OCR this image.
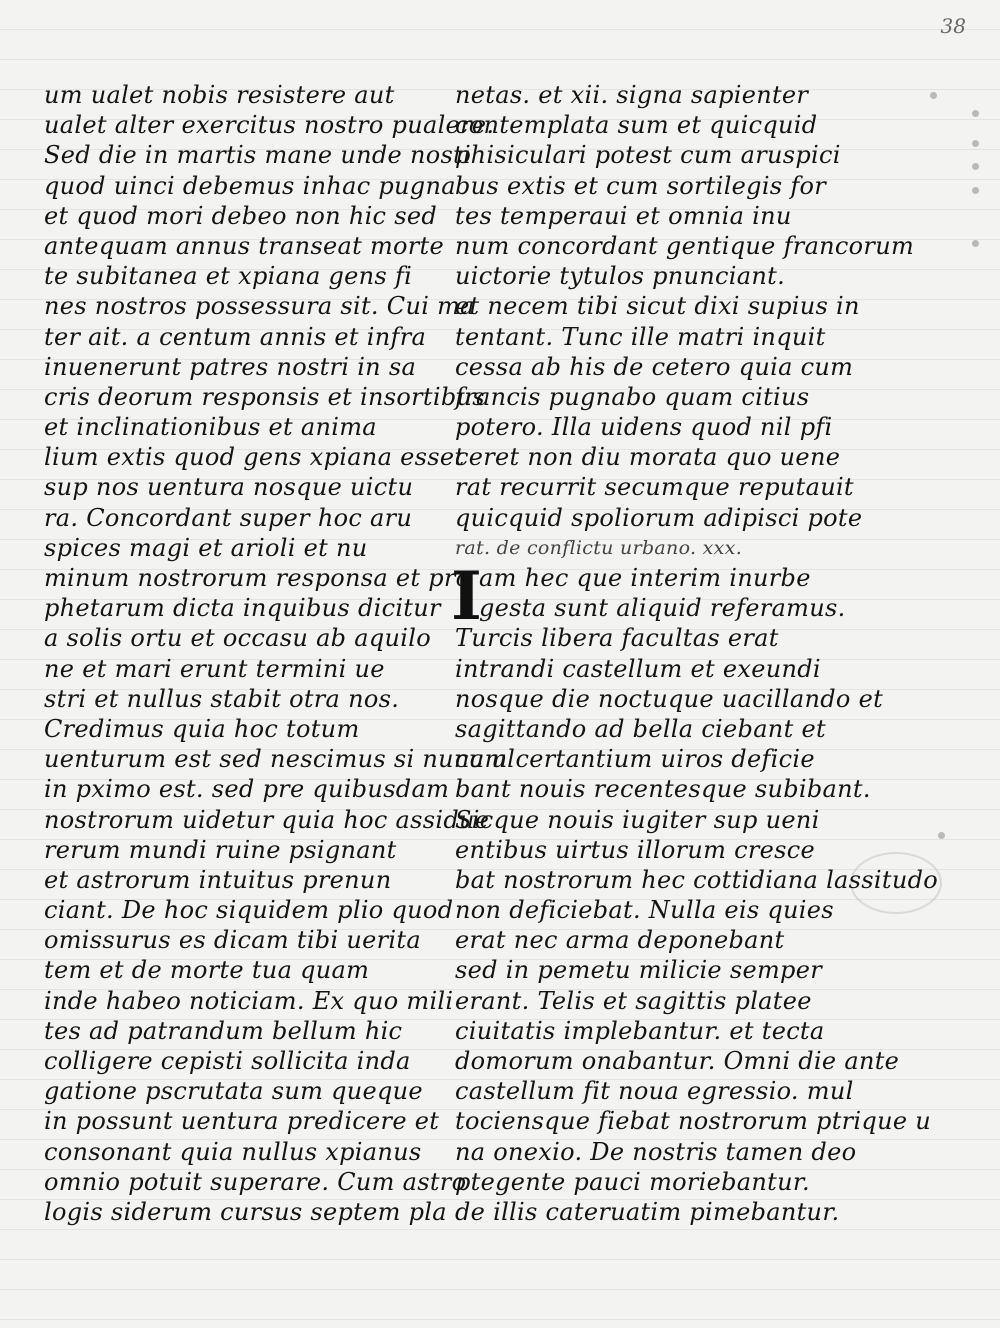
38
um ualet nobis resistere aut
ualet alter exercitus nostro pualere.
Sed die in martis mane unde nosti
quod uinci debemus inhac pugna
et quod mori debeo non hic sed
antequam annus transeat morte
te subitanea et xpiana gens fi
nes nostros possessura sit. Cui ma
ter ait. a centum annis et infra
inuenerunt patres nostri in sa
cris deorum responsis et insortibus
et inclinationibus et anima
lium extis quod gens xpiana esset
sup nos uentura nosque uictu
ra. Concordant super hoc aru
spices magi et arioli et nu
minum nostrorum responsa et pro
phetarum dicta inquibus dicitur
a solis ortu et occasu ab aquilo
ne et mari erunt termini ue
stri et nullus stabit otra nos.
Credimus quia hoc totum
uenturum est sed nescimus si nunc ul
in pximo est. sed pre quibusdam
nostrorum uidetur quia hoc assidue
rerum mundi ruine psignant
et astrorum intuitus prenun
ciant. De hoc siquidem plio quod
omissurus es dicam tibi uerita
tem et de morte tua quam
inde habeo noticiam. Ex quo mili
tes ad patrandum bellum hic
colligere cepisti sollicita inda
gatione pscrutata sum queque
in possunt uentura predicere et
consonant quia nullus xpianus
omnio potuit superare. Cum astro
logis siderum cursus septem pla
netas. et xii. signa sapienter
contemplata sum et quicquid
phisiculari potest cum aruspici
bus extis et cum sortilegis for
tes temperaui et omnia inu
num concordant gentique francorum
uictorie tytulos pnunciant.
et necem tibi sicut dixi supius in
tentant. Tunc ille matri inquit
cessa ab his de cetero quia cum
francis pugnabo quam citius
potero. Illa uidens quod nil pfi
ceret non diu morata quo uene
rat recurrit secumque reputauit
quicquid spoliorum adipisci pote
rat. de conflictu urbano. xxx.
I
am hec que interim inurbe
gesta sunt aliquid referamus.
Turcis libera facultas erat
intrandi castellum et exeundi
nosque die noctuque uacillando et
sagittando ad bella ciebant et
cum certantium uiros deficie
bant nouis recentesque subibant.
Sicque nouis iugiter sup ueni
entibus uirtus illorum cresce
bat nostrorum hec cottidiana lassitudo
non deficiebat. Nulla eis quies
erat nec arma deponebant
sed in pemetu milicie semper
erant. Telis et sagittis platee
ciuitatis implebantur. et tecta
domorum onabantur. Omni die ante
castellum fit noua egressio. mul
tociensque fiebat nostrorum ptrique u
na onexio. De nostris tamen deo
ptegente pauci moriebantur.
de illis cateruatim pimebantur.
